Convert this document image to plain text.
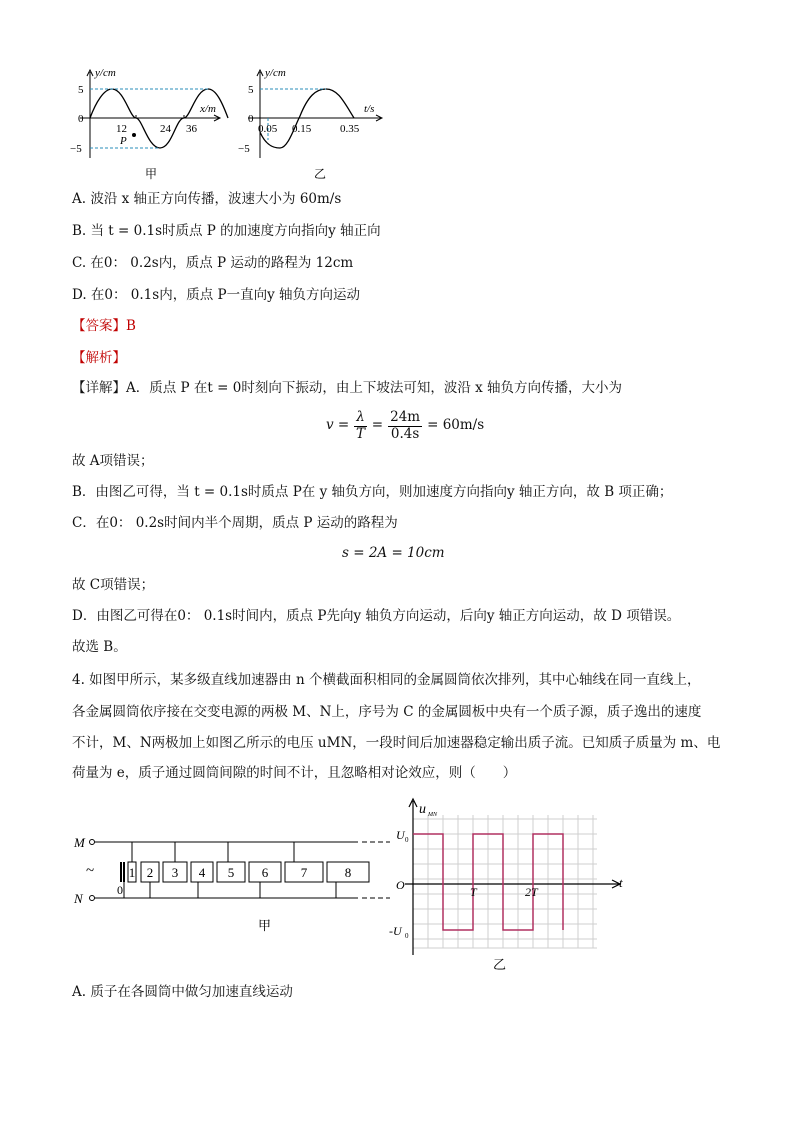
y/cm
x/m
5
0
−5
12	24 36
P
甲
y/cm
t/s
5
0
−5
0.05 0.15	0.35
乙
A. 波沿 x 轴正方向传播，波速大小为 60m/s
B. 当 t = 0.1s时质点 P 的加速度方向指向y 轴正向
C. 在0： 0.2s内，质点 P 运动的路程为 12cm
D. 在0： 0.1s内，质点 P一直向y 轴负方向运动
【答案】B
【解析】
【详解】A．质点 P 在t = 0时刻向下振动，由上下坡法可知，波沿 x 轴负方向传播，大小为
$v = \frac{\lambda}{T} = \frac{24m}{0.4s} = 60m/s$
故 A项错误；
B．由图乙可得，当 t = 0.1s时质点 P在 y 轴负方向，则加速度方向指向y 轴正方向，故 B 项正确；
C．在0： 0.2s时间内半个周期，质点 P 运动的路程为
s = 2A = 10cm
故 C项错误；
D．由图乙可得在0： 0.1s时间内，质点 P先向y 轴负方向运动，后向y 轴正方向运动，故 D 项错误。
故选 B。
4. 如图甲所示，某多级直线加速器由 n 个横截面积相同的金属圆筒依次排列，其中心轴线在同一直线上，
各金属圆筒依序接在交变电源的两极 M、N上，序号为 C 的金属圆板中央有一个质子源，质子逸出的速度
不计，M、N两极加上如图乙所示的电压 uMN，一段时间后加速器稳定输出质子流。已知质子质量为 m、电
荷量为 e，质子通过圆筒间隙的时间不计，且忽略相对论效应，则（　　）
M
N
~
0
1 2 3 4 5 6	7	8
甲
u MN
t
U 0
O
-U 0
T	2T
乙
A. 质子在各圆筒中做匀加速直线运动
